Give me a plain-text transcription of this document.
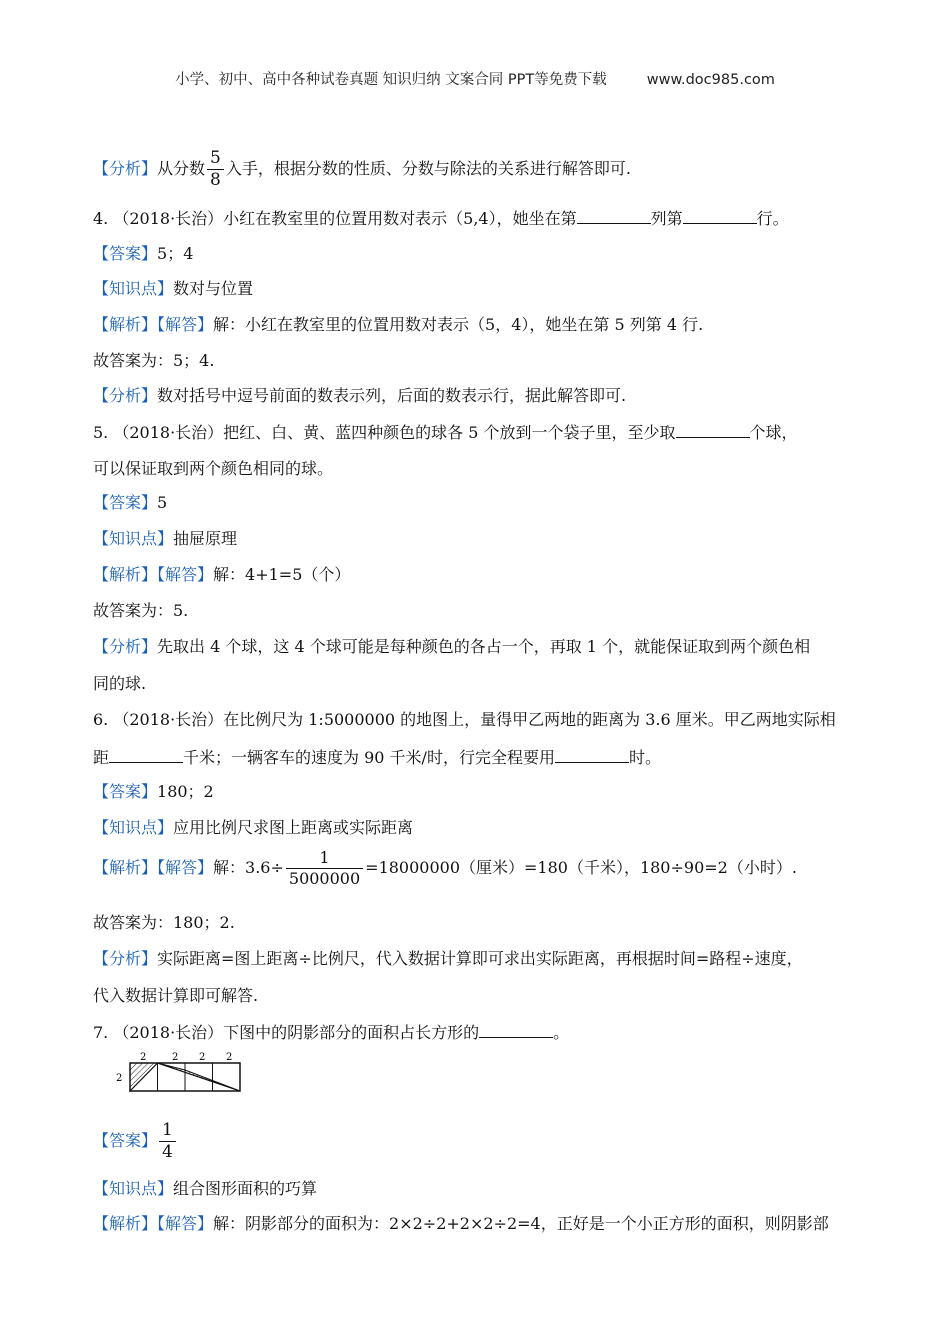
小学、初中、高中各种试卷真题 知识归纳 文案合同 PPT等免费下载	www.doc985.com
【分析】从分数 $\frac{5}{8}$ 入手，根据分数的性质、分数与除法的关系进行解答即可.
4. （2018·长治）小红在教室里的位置用数对表示（5,4），她坐在第	列第	行。
【答案】5；4
【知识点】数对与位置
【解析】【解答】解：小红在教室里的位置用数对表示（5，4），她坐在第 5 列第 4 行.
故答案为：5；4.
【分析】数对括号中逗号前面的数表示列，后面的数表示行，据此解答即可.
5. （2018·长治）把红、白、黄、蓝四种颜色的球各 5 个放到一个袋子里，至少取	个球，
可以保证取到两个颜色相同的球。
【答案】5
【知识点】抽屉原理
【解析】【解答】解：4+1=5（个）
故答案为：5.
【分析】先取出 4 个球，这 4 个球可能是每种颜色的各占一个，再取 1 个，就能保证取到两个颜色相
同的球.
6. （2018·长治）在比例尺为 1:5000000 的地图上，量得甲乙两地的距离为 3.6 厘米。甲乙两地实际相
距	千米；一辆客车的速度为 90 千米/时，行完全程要用	时。
【答案】180；2
【知识点】应用比例尺求图上距离或实际距离
【解析】【解答】解：$3.6\div \frac{1}{5000000} =18000000$（厘米）=180（千米），180÷90=2（小时）.
故答案为：180；2.
【分析】实际距离=图上距离÷比例尺，代入数据计算即可求出实际距离，再根据时间=路程÷速度，
代入数据计算即可解答.
7. （2018·长治）下图中的阴影部分的面积占长方形的	。
2	2 2 2
2
【答案】 $\frac{1}{4}$
【知识点】组合图形面积的巧算
【解析】【解答】解：阴影部分的面积为：2×2÷2+2×2÷2=4，正好是一个小正方形的面积，则阴影部
